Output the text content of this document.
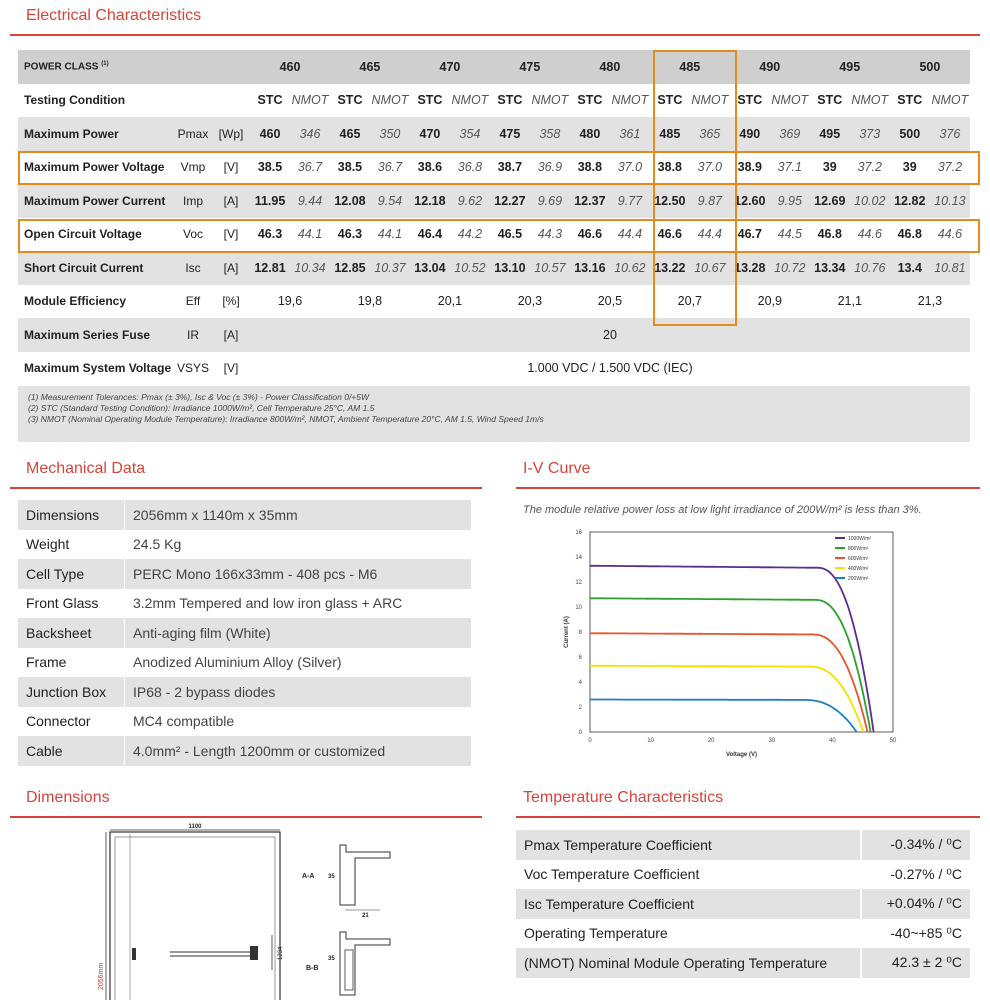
Electrical Characteristics
POWER CLASS $^{(1)}$			460		465		470		475		480		485		490		495		500	
Testing Condition			STC	NMOT	STC	NMOT	STC	NMOT	STC	NMOT	STC	NMOT	STC	NMOT	STC	NMOT	STC	NMOT	STC	NMOT
Maximum Power	Pmax	[Wp]	460	346	465	350	470	354	475	358	480	361	485	365	490	369	495	373	500	376
Maximum Power Voltage	Vmp	[V]	38.5	36.7	38.5	36.7	38.6	36.8	38.7	36.9	38.8	37.0	38.8	37.0	38.9	37.1	39	37.2	39	37.2
Maximum Power Current	Imp	[A]	11.95	9.44	12.08	9.54	12.18	9.62	12.27	9.69	12.37	9.77	12.50	9.87	12.60	9.95	12.69	10.02	12.82	10.13
Open Circuit Voltage	Voc	[V]	46.3	44.1	46.3	44.1	46.4	44.2	46.5	44.3	46.6	44.4	46.6	44.4	46.7	44.5	46.8	44.6	46.8	44.6
Short Circuit Current	Isc	[A]	12.81	10.34	12.85	10.37	13.04	10.52	13.10	10.57	13.16	10.62	13.22	10.67	13.28	10.72	13.34	10.76	13.4	10.81
Module Efficiency	Eff	[%]	19,6		19,8		20,1		20,3		20,5		20,7		20,9		21,1		21,3	
Maximum Series Fuse	IR	[A]	20																	
Maximum System Voltage	VSYS	[V]	1.000 VDC / 1.500 VDC (IEC)																	
(1) Measurement Tolerances: Pmax (± 3%), Isc & Voc (± 3%) - Power Classification 0/+5W
(2) STC (Standard Testing Condition): Irradiance 1000W/m², Cell Temperature 25°C, AM 1.5
(3) NMOT (Nominal Operating Module Temperature): Irradiance 800W/m², NMOT, Ambient Temperature 20°C, AM 1.5, Wind Speed 1m/s
Mechanical Data
Dimensions	2056mm x 1140m x 35mm
Weight	24.5 Kg
Cell Type	PERC Mono 166x33mm - 408 pcs - M6
Front Glass	3.2mm Tempered and low iron glass + ARC
Backsheet	Anti-aging film (White)
Frame	Anodized Aluminium Alloy (Silver)
Junction Box	IP68 - 2 bypass diodes
Connector	MC4 compatible
Cable	4.0mm² - Length 1200mm or customized
I-V Curve
The module relative power loss at low light irradiance of 200W/m² is less than 3%.
0	10	20	30	40	50
0
2
4
6
8
10
12
14
16
Voltage (V)
Current (A)
1000W/m²
800W/m²
600W/m²
400W/m²
200W/m²
Dimensions
1100
2056mm
1234
A-A 35
21
B-B
35
Temperature Characteristics
Pmax Temperature Coefficient	-0.34% / ⁰C
Voc Temperature Coefficient	-0.27% / ⁰C
Isc Temperature Coefficient	+0.04% / ⁰C
Operating Temperature	-40~+85 ⁰C
(NMOT) Nominal Module Operating Temperature	42.3 ± 2 ⁰C
